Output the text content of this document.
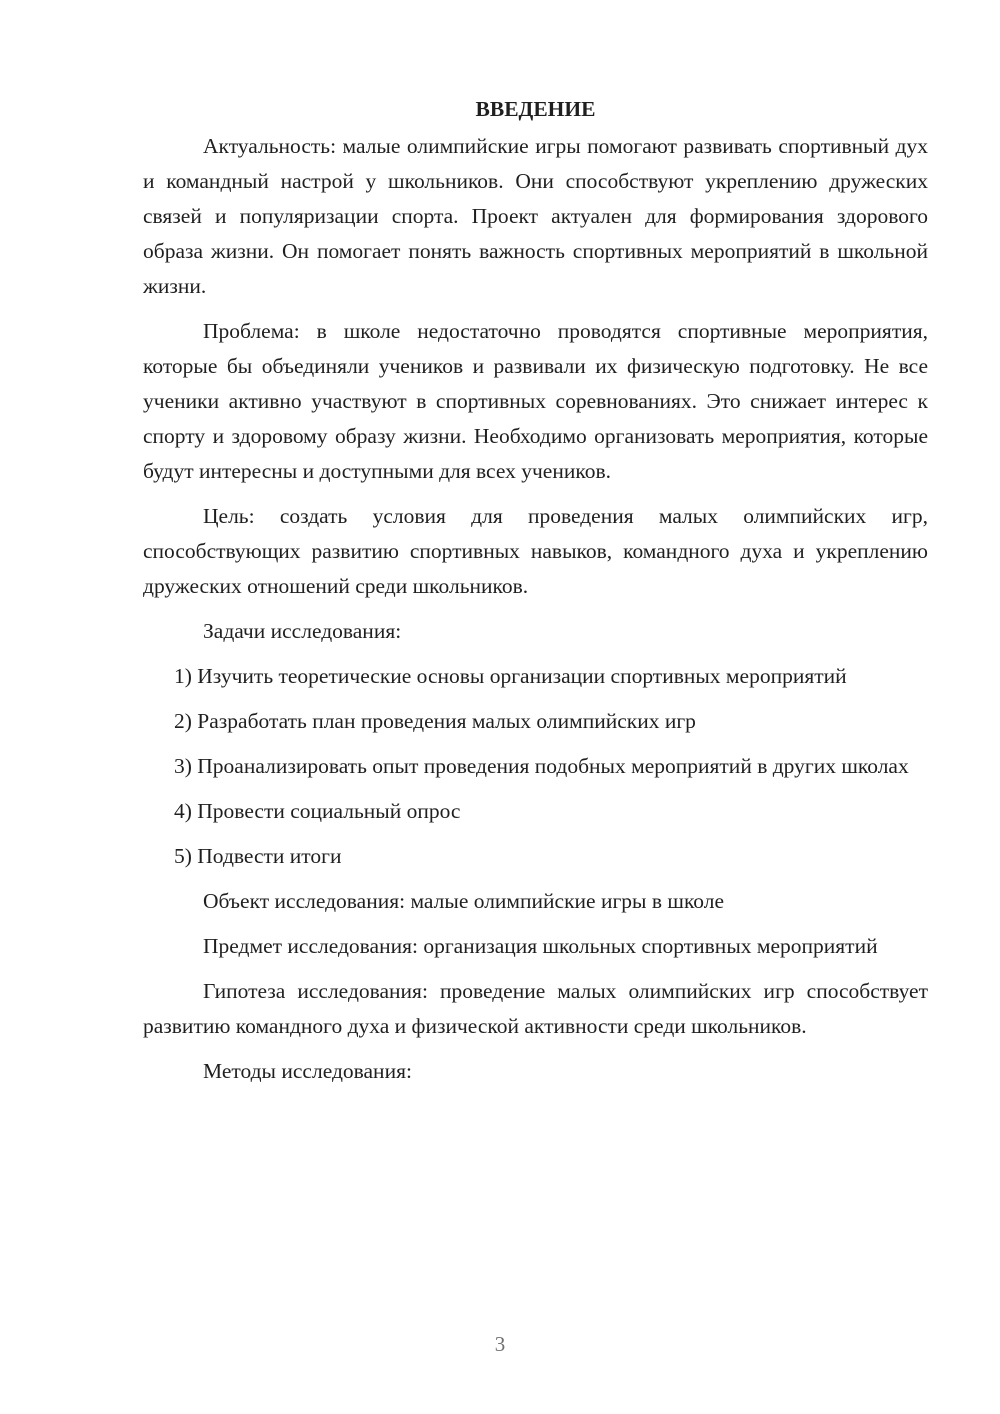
ВВЕДЕНИЕ

Актуальность: малые олимпийские игры помогают развивать спортивный дух и командный настрой у школьников. Они способствуют укреплению дружеских связей и популяризации спорта. Проект актуален для формирования здорового образа жизни. Он помогает понять важность спортивных мероприятий в школьной жизни.

Проблема: в школе недостаточно проводятся спортивные мероприятия, которые бы объединяли учеников и развивали их физическую подготовку. Не все ученики активно участвуют в спортивных соревнованиях. Это снижает интерес к спорту и здоровому образу жизни. Необходимо организовать мероприятия, которые будут интересны и доступными для всех учеников.

Цель: создать условия для проведения малых олимпийских игр, способствующих развитию спортивных навыков, командного духа и укреплению дружеских отношений среди школьников.

Задачи исследования:

1) Изучить теоретические основы организации спортивных мероприятий

2) Разработать план проведения малых олимпийских игр

3) Проанализировать опыт проведения подобных мероприятий в других школах

4) Провести социальный опрос

5) Подвести итоги

Объект исследования: малые олимпийские игры в школе

Предмет исследования: организация школьных спортивных мероприятий

Гипотеза исследования: проведение малых олимпийских игр способствует развитию командного духа и физической активности среди школьников.

Методы исследования:

3
